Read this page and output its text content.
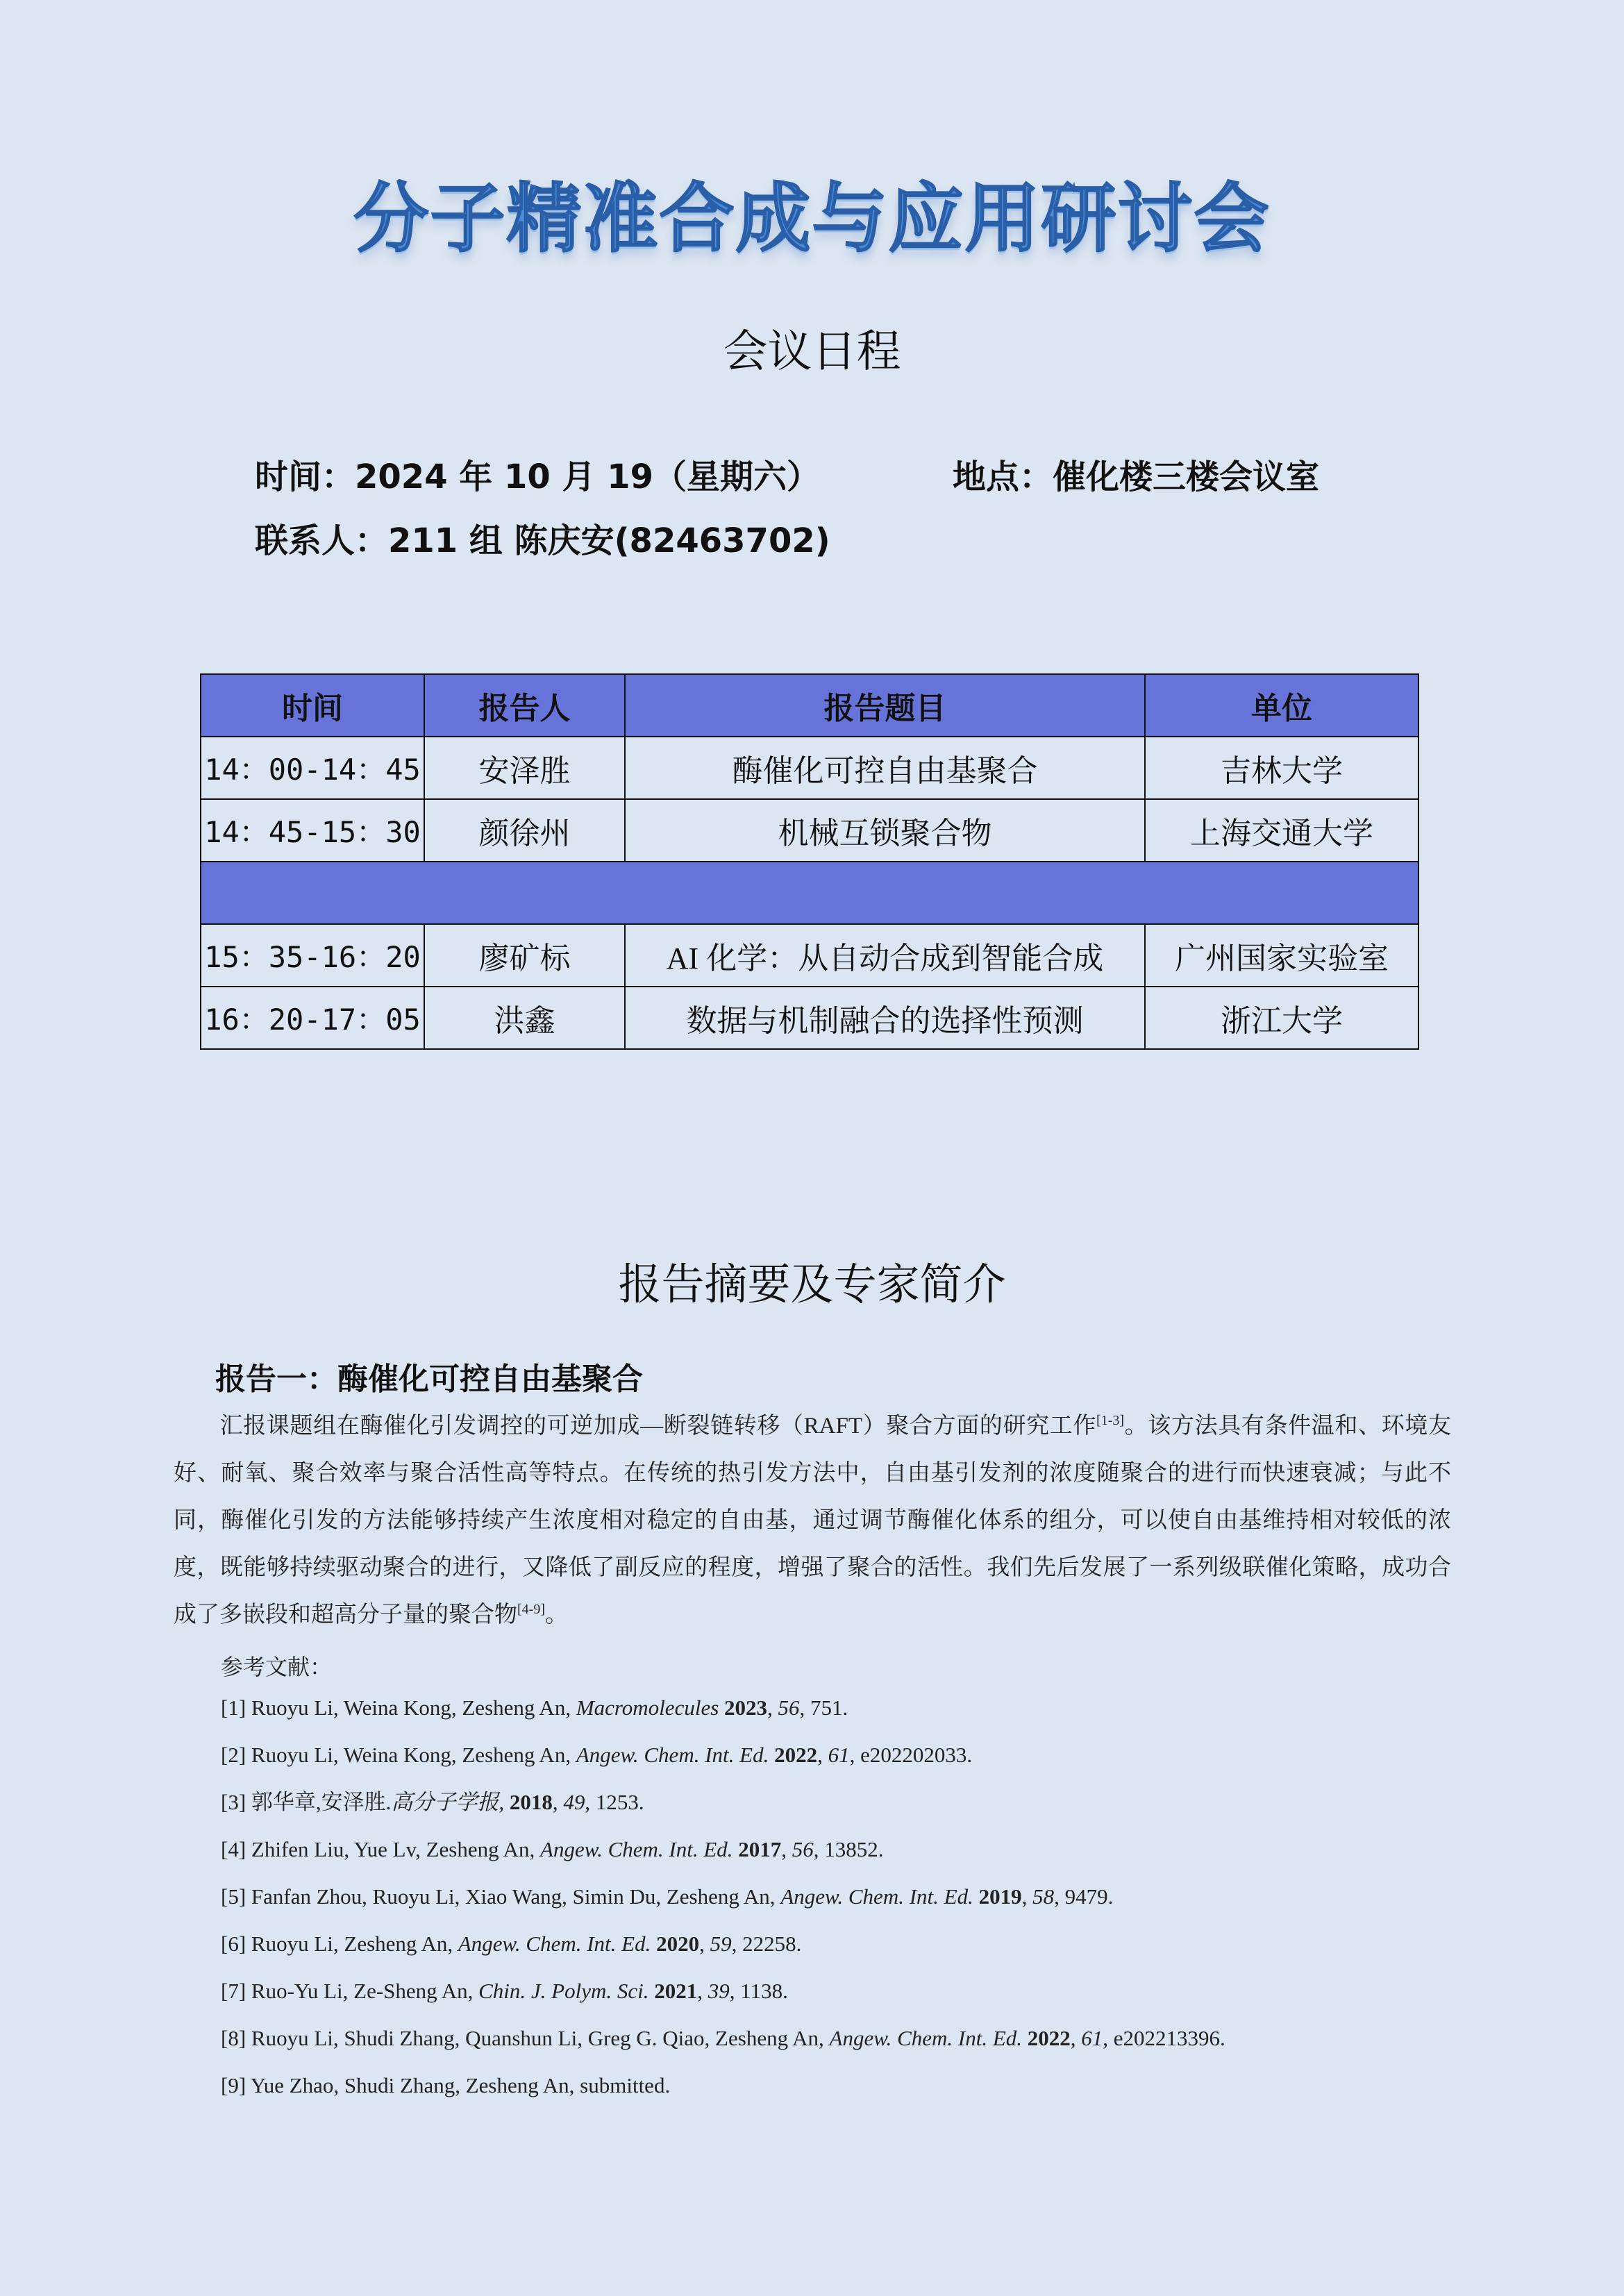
分子精准合成与应用研讨会
会议日程
时间：2024 年 10 月 19（星期六）	地点：催化楼三楼会议室
联系人：211 组 陈庆安(82463702)
时间	报告人	报告题目	单位
14：00-14：45	安泽胜	酶催化可控自由基聚合	吉林大学
14：45-15：30	颜徐州	机械互锁聚合物	上海交通大学

15：35-16：20	廖矿标	AI 化学：从自动合成到智能合成	广州国家实验室
16：20-17：05	洪鑫	数据与机制融合的选择性预测	浙江大学
报告摘要及专家简介
报告一：酶催化可控自由基聚合
汇报课题组在酶催化引发调控的可逆加成—断裂链转移（RAFT）聚合方面的研究工作[1-3]。该方法具有条件温和、环境友好、耐氧、聚合效率与聚合活性高等特点。在传统的热引发方法中，自由基引发剂的浓度随聚合的进行而快速衰减；与此不同，酶催化引发的方法能够持续产生浓度相对稳定的自由基，通过调节酶催化体系的组分，可以使自由基维持相对较低的浓度，既能够持续驱动聚合的进行，又降低了副反应的程度，增强了聚合的活性。我们先后发展了一系列级联催化策略，成功合成了多嵌段和超高分子量的聚合物[4-9]。
参考文献：
[1] Ruoyu Li, Weina Kong, Zesheng An, Macromolecules 2023, 56, 751.
[2] Ruoyu Li, Weina Kong, Zesheng An, Angew. Chem. Int. Ed. 2022, 61, e202202033.
[3] 郭华章,安泽胜.高分子学报, 2018, 49, 1253.
[4] Zhifen Liu, Yue Lv, Zesheng An, Angew. Chem. Int. Ed. 2017, 56, 13852.
[5] Fanfan Zhou, Ruoyu Li, Xiao Wang, Simin Du, Zesheng An, Angew. Chem. Int. Ed. 2019, 58, 9479.
[6] Ruoyu Li, Zesheng An, Angew. Chem. Int. Ed. 2020, 59, 22258.
[7] Ruo-Yu Li, Ze-Sheng An, Chin. J. Polym. Sci. 2021, 39, 1138.
[8] Ruoyu Li, Shudi Zhang, Quanshun Li, Greg G. Qiao, Zesheng An, Angew. Chem. Int. Ed. 2022, 61, e202213396.
[9] Yue Zhao, Shudi Zhang, Zesheng An, submitted.
